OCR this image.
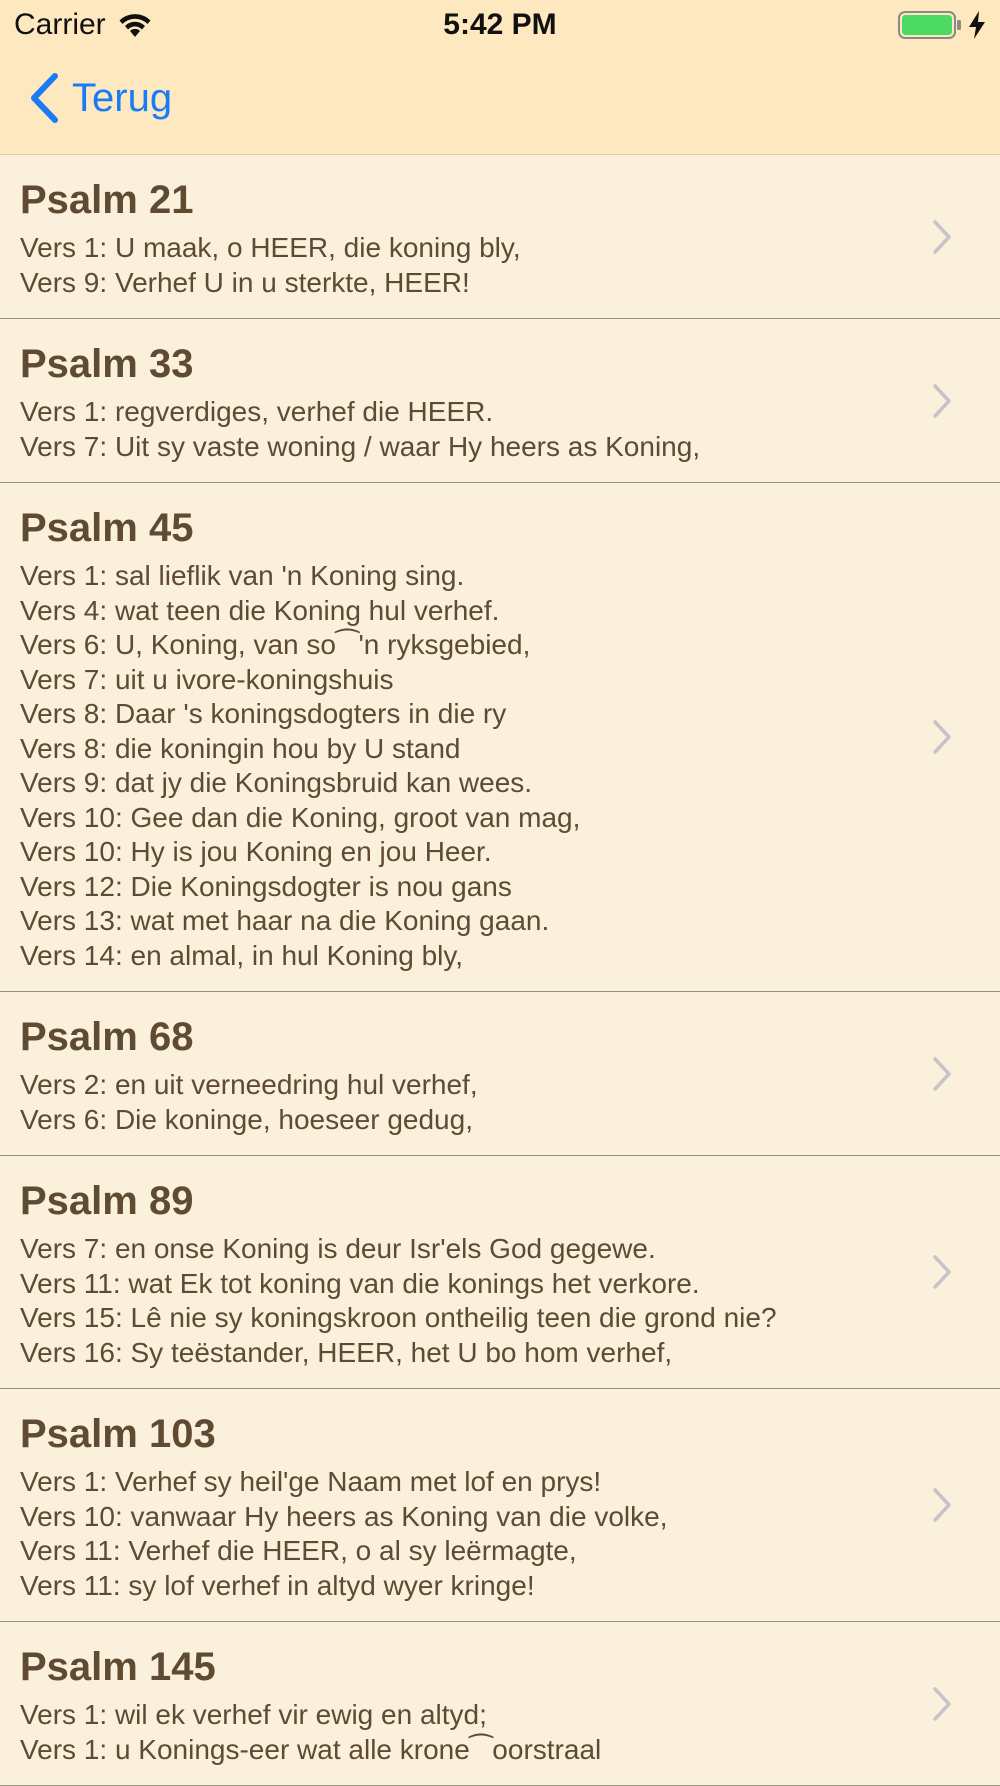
Carrier	5:42 PM
Terug
Psalm 21
Vers 1: U maak, o HEER, die koning bly,
Vers 9: Verhef U in u sterkte, HEER!
Psalm 33
Vers 1: regverdiges, verhef die HEER.
Vers 7: Uit sy vaste woning / waar Hy heers as Koning,
Psalm 45
Vers 1: sal lieflik van 'n Koning sing.
Vers 4: wat teen die Koning hul verhef.
Vers 6: U, Koning, van so⁀'n ryksgebied,
Vers 7: uit u ivore-koningshuis
Vers 8: Daar 's koningsdogters in die ry
Vers 8: die koningin hou by U stand
Vers 9: dat jy die Koningsbruid kan wees.
Vers 10: Gee dan die Koning, groot van mag,
Vers 10: Hy is jou Koning en jou Heer.
Vers 12: Die Koningsdogter is nou gans
Vers 13: wat met haar na die Koning gaan.
Vers 14: en almal, in hul Koning bly,
Psalm 68
Vers 2: en uit verneedring hul verhef,
Vers 6: Die koninge, hoeseer gedug,
Psalm 89
Vers 7: en onse Koning is deur Isr'els God gegewe.
Vers 11: wat Ek tot koning van die konings het verkore.
Vers 15: Lê nie sy koningskroon ontheilig teen die grond nie?
Vers 16: Sy teëstander, HEER, het U bo hom verhef,
Psalm 103
Vers 1: Verhef sy heil'ge Naam met lof en prys!
Vers 10: vanwaar Hy heers as Koning van die volke,
Vers 11: Verhef die HEER, o al sy leërmagte,
Vers 11: sy lof verhef in altyd wyer kringe!
Psalm 145
Vers 1: wil ek verhef vir ewig en altyd;
Vers 1: u Konings-eer wat alle krone⁀oorstraal
